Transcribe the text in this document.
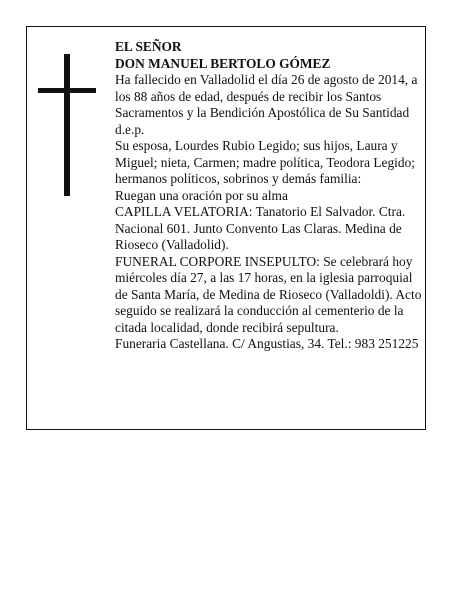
EL SEÑOR

DON MANUEL BERTOLO GÓMEZ

Ha fallecido en Valladolid el día 26 de agosto de 2014, a los 88 años de edad, después de recibir los Santos Sacramentos y la Bendición Apostólica de Su Santidad d.e.p.

Su esposa, Lourdes Rubio Legido; sus hijos, Laura y Miguel; nieta, Carmen; madre política, Teodora Legido; hermanos políticos, sobrinos y demás familia:

Ruegan una oración por su alma

CAPILLA VELATORIA: Tanatorio El Salvador. Ctra. Nacional 601. Junto Convento Las Claras. Medina de Rioseco (Valladolid).

FUNERAL CORPORE INSEPULTO: Se celebrará hoy miércoles día 27, a las 17 horas, en la iglesia parroquial de Santa María, de Medina de Rioseco (Valladoldi). Acto seguido se realizará la conducción al cementerio de la citada localidad, donde recibirá sepultura.

Funeraria Castellana. C/ Angustias, 34. Tel.: 983 251225
